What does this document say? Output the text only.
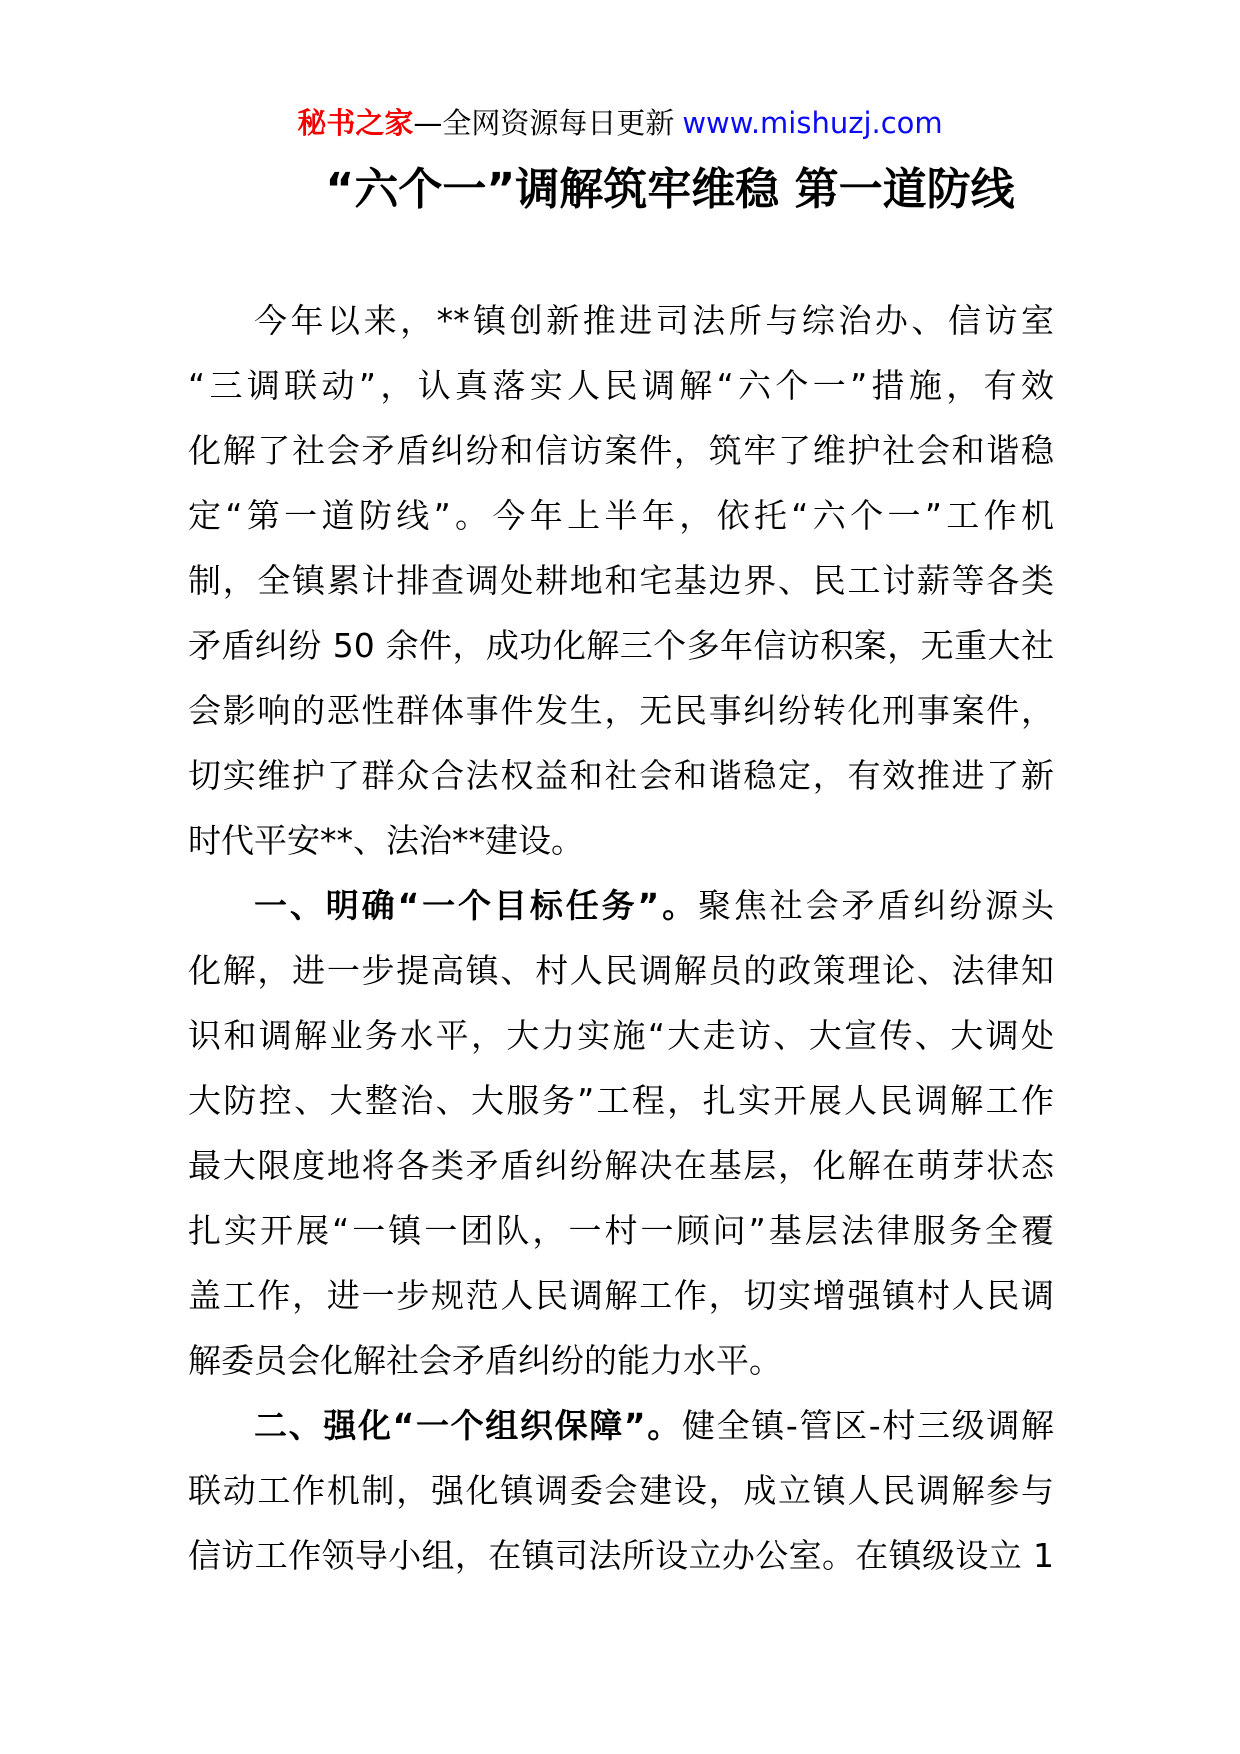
秘书之家—全网资源每日更新 www.mishuzj.com
“六个一”调解筑牢维稳 第一道防线
今年以来，**镇创新推进司法所与综治办、信访室
“三调联动”，认真落实人民调解“六个一”措施，有效
化解了社会矛盾纠纷和信访案件，筑牢了维护社会和谐稳
定“第一道防线”。今年上半年，依托“六个一”工作机
制，全镇累计排查调处耕地和宅基边界、民工讨薪等各类
矛盾纠纷 50 余件，成功化解三个多年信访积案，无重大社
会影响的恶性群体事件发生，无民事纠纷转化刑事案件，
切实维护了群众合法权益和社会和谐稳定，有效推进了新
时代平安**、法治**建设。
一、明确“一个目标任务”。聚焦社会矛盾纠纷源头
化解，进一步提高镇、村人民调解员的政策理论、法律知
识和调解业务水平，大力实施“大走访、大宣传、大调处
大防控、大整治、大服务”工程，扎实开展人民调解工作
最大限度地将各类矛盾纠纷解决在基层，化解在萌芽状态
扎实开展“一镇一团队，一村一顾问”基层法律服务全覆
盖工作，进一步规范人民调解工作，切实增强镇村人民调
解委员会化解社会矛盾纠纷的能力水平。
二、强化“一个组织保障”。健全镇-管区-村三级调解
联动工作机制，强化镇调委会建设，成立镇人民调解参与
信访工作领导小组，在镇司法所设立办公室。在镇级设立 1
